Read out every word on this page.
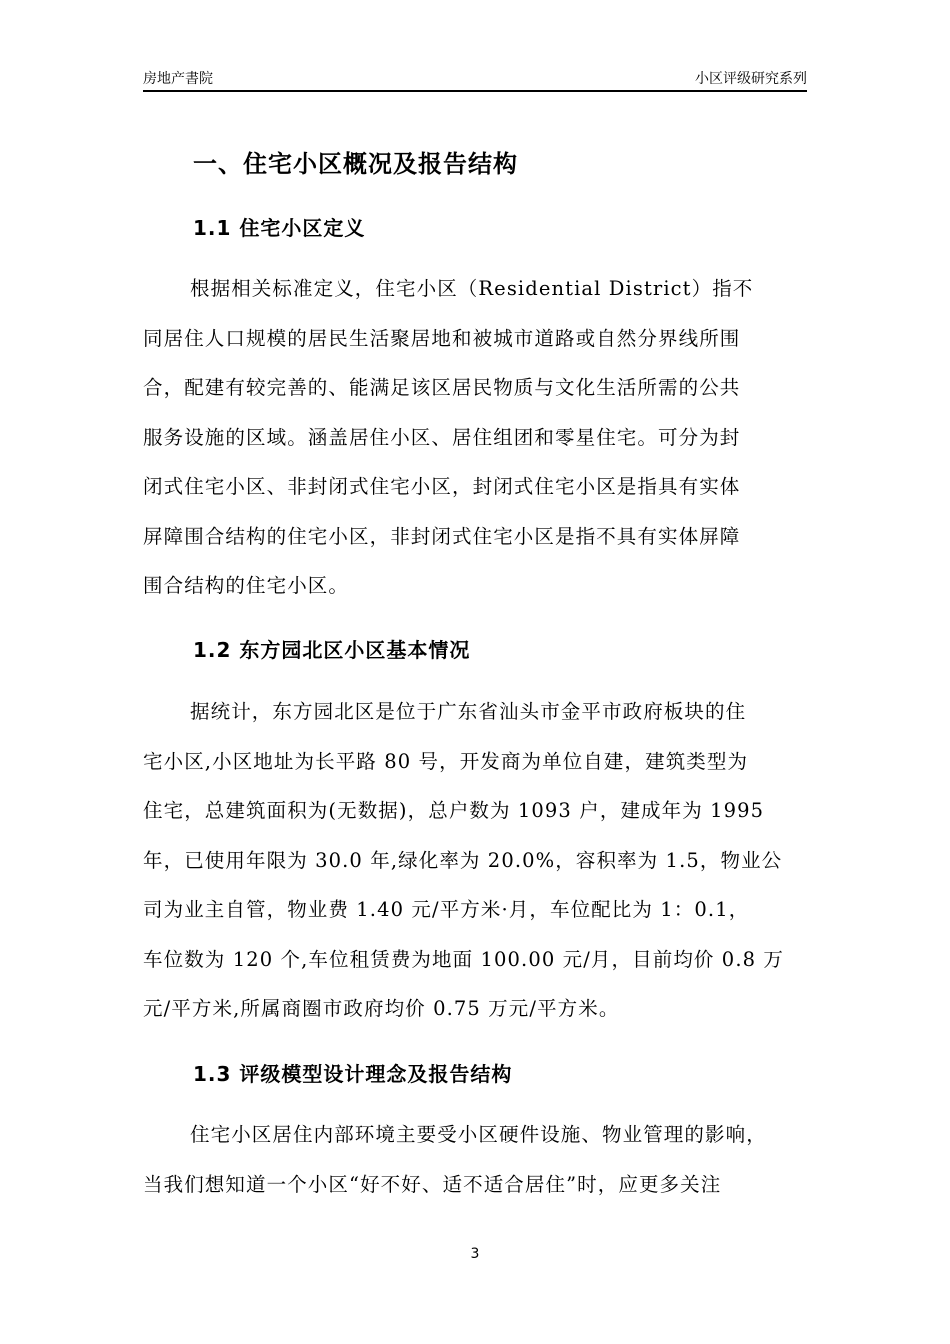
房地产書院	小区评级研究系列
一、住宅小区概况及报告结构
1.1 住宅小区定义
根据相关标准定义，住宅小区（Residential District）指不
同居住人口规模的居民生活聚居地和被城市道路或自然分界线所围
合，配建有较完善的、能满足该区居民物质与文化生活所需的公共
服务设施的区域。涵盖居住小区、居住组团和零星住宅。可分为封
闭式住宅小区、非封闭式住宅小区，封闭式住宅小区是指具有实体
屏障围合结构的住宅小区，非封闭式住宅小区是指不具有实体屏障
围合结构的住宅小区。
1.2 东方园北区小区基本情况
据统计，东方园北区是位于广东省汕头市金平市政府板块的住
宅小区,小区地址为长平路 80 号，开发商为单位自建，建筑类型为
住宅，总建筑面积为(无数据)，总户数为 1093 户，建成年为 1995
年，已使用年限为 30.0 年,绿化率为 20.0%，容积率为 1.5，物业公
司为业主自管，物业费 1.40 元/平方米·月，车位配比为 1：0.1，
车位数为 120 个,车位租赁费为地面 100.00 元/月，目前均价 0.8 万
元/平方米,所属商圈市政府均价 0.75 万元/平方米。
1.3 评级模型设计理念及报告结构
住宅小区居住内部环境主要受小区硬件设施、物业管理的影响，
当我们想知道一个小区“好不好、适不适合居住”时，应更多关注
3
